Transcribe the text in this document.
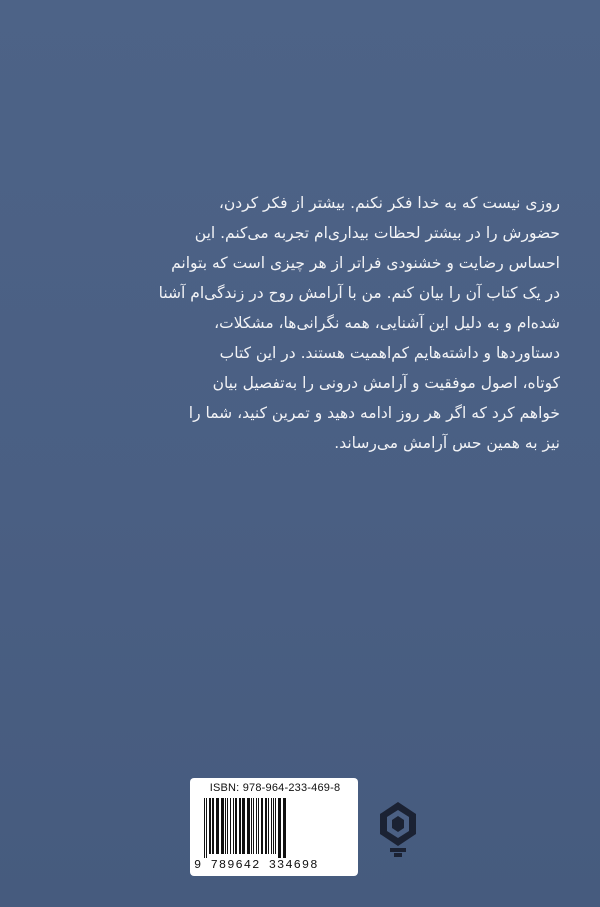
روزی نیست که به خدا فکر نکنم. بیشتر از فکر کردن،
حضورش را در بیشتر لحظات بیداری‌ام تجربه می‌کنم. این
احساس رضایت و خشنودی فراتر از هر چیزی است که بتوانم
در یک کتاب آن را بیان کنم. من با آرامش روح در زندگی‌ام آشنا
شده‌ام و به دلیل این آشنایی، همه نگرانی‌ها، مشکلات،
دستاوردها و داشته‌هایم کم‌اهمیت هستند. در این کتاب
کوتاه، اصول موفقیت و آرامش درونی را به‌تفصیل بیان
خواهم کرد که اگر هر روز ادامه دهید و تمرین کنید، شما را
نیز به همین حس آرامش می‌رساند.
ISBN: 978-964-233-469-8
9 789642 334698
